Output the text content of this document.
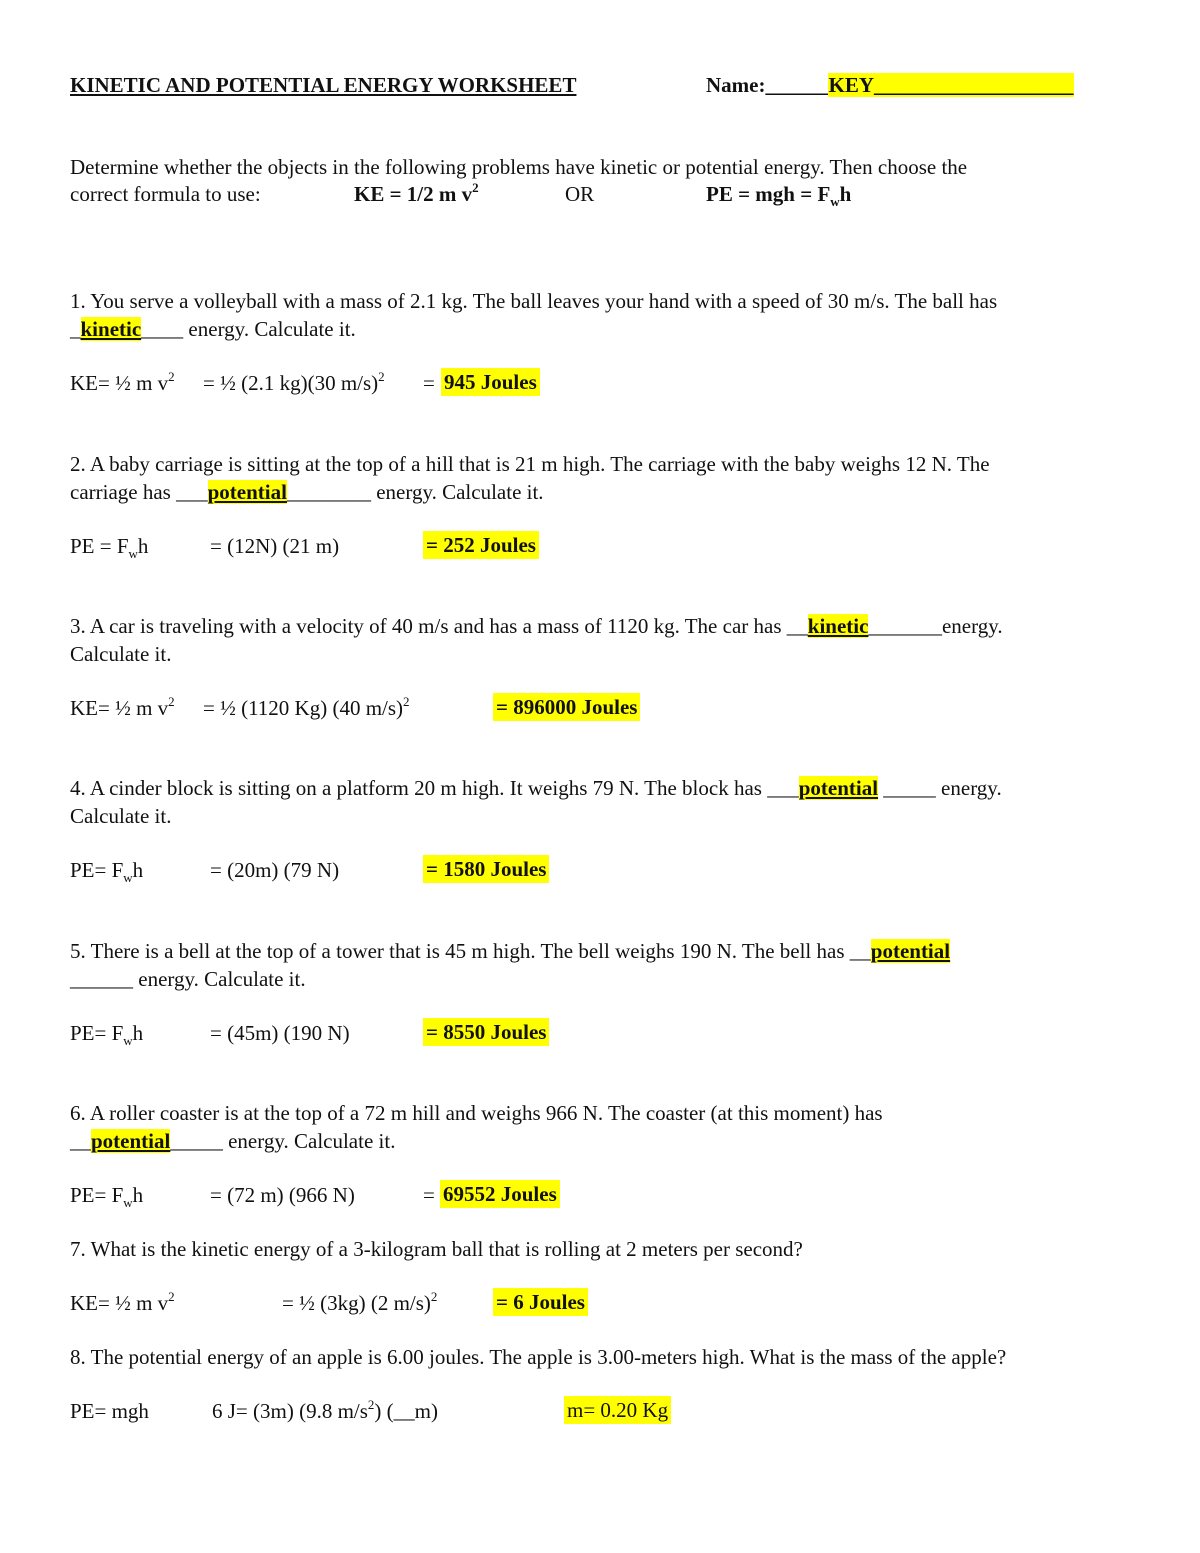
KINETIC AND POTENTIAL ENERGY WORKSHEET	Name:______KEY___________________
Determine whether the objects in the following problems have kinetic or potential energy. Then choose the
correct formula to use:	KE = 1/2 m $v^2$	OR	PE = mgh = $F_wh$
1. You serve a volleyball with a mass of 2.1 kg. The ball leaves your hand with a speed of 30 m/s. The ball has
_kinetic____ energy. Calculate it.
KE= ½ m $v^2$ = ½ (2.1 kg)(30 m/s)$^2$ = 945 Joules
2. A baby carriage is sitting at the top of a hill that is 21 m high. The carriage with the baby weighs 12 N. The
carriage has ___potential________ energy. Calculate it.
PE = $F_wh$	= (12N) (21 m)	= 252 Joules
3. A car is traveling with a velocity of 40 m/s and has a mass of 1120 kg. The car has __kinetic_______energy.
Calculate it.
KE= ½ m $v^2$ = ½ (1120 Kg) (40 m/s)$^2$	= 896000 Joules
4. A cinder block is sitting on a platform 20 m high. It weighs 79 N. The block has ___potential _____ energy.
Calculate it.
$PE= F_wh$	= (20m) (79 N)	= 1580 Joules
5. There is a bell at the top of a tower that is 45 m high. The bell weighs 190 N. The bell has __potential
______ energy. Calculate it.
$PE= F_wh$	= (45m) (190 N)	= 8550 Joules
6. A roller coaster is at the top of a 72 m hill and weighs 966 N. The coaster (at this moment) has
__potential_____ energy. Calculate it.
$PE= F_wh$	= (72 m) (966 N)	= 69552 Joules
7. What is the kinetic energy of a 3-kilogram ball that is rolling at 2 meters per second?
KE= ½ m $v^2$	= ½ (3kg) (2 m/s)$^2$	= 6 Joules
8. The potential energy of an apple is 6.00 joules. The apple is 3.00-meters high. What is the mass of the apple?
PE= mgh	6 J= (3m) (9.8 $m/s^2$) (__m)	m= 0.20 Kg
